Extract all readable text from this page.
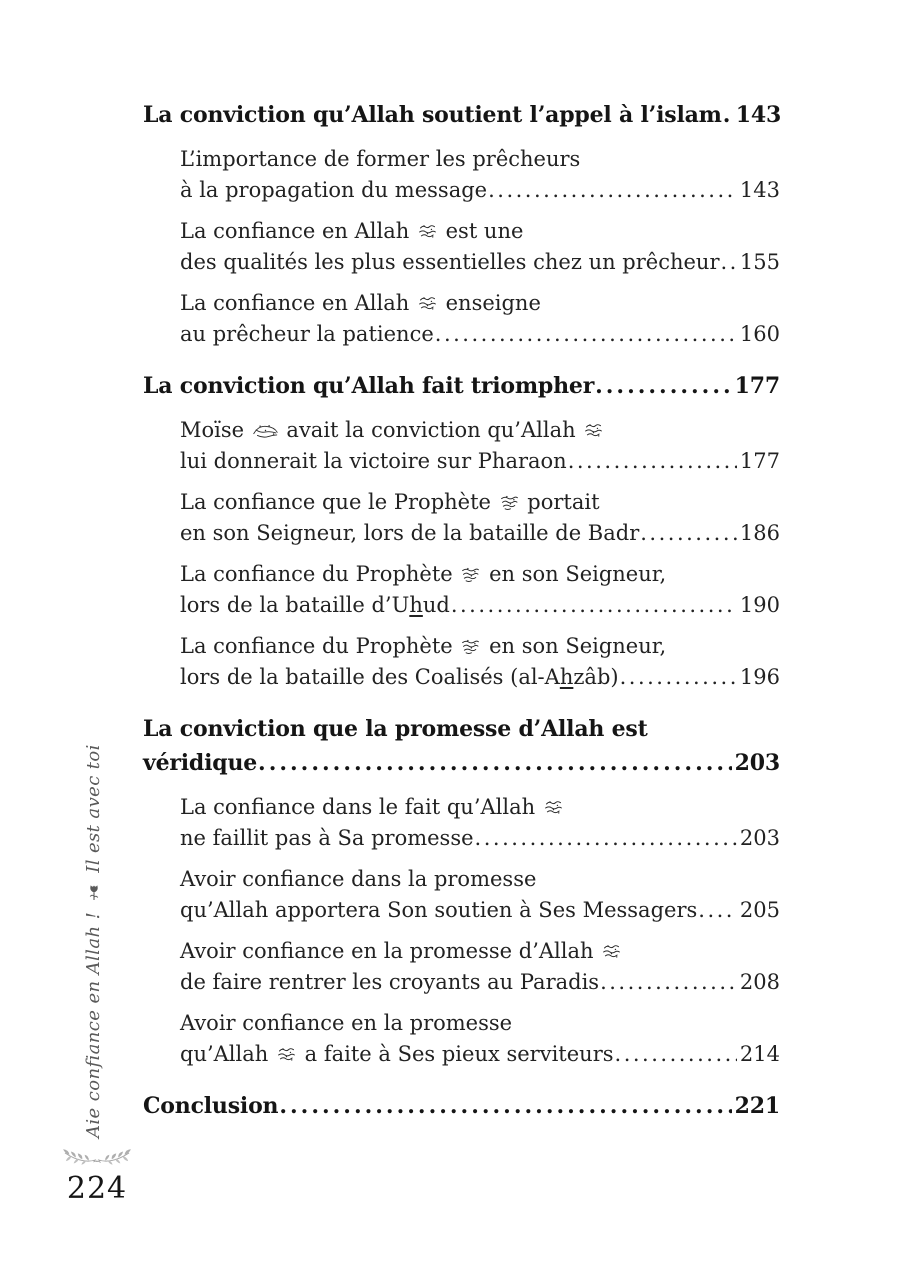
La conviction qu’Allah soutient l’appel à l’islam ..... 143
L’importance de former les prêcheurs
à la propagation du message .....	143
La confiance en Allah  est une
des qualités les plus essentielles chez un prêcheur ..... 155
La confiance en Allah  enseigne
au prêcheur la patience .....	160
La conviction qu’Allah fait triompher .....	177
Moïse  avait la conviction qu’Allah
lui donnerait la victoire sur Pharaon .....	177
La confiance que le Prophète  portait
en son Seigneur, lors de la bataille de Badr .....	186
La confiance du Prophète  en son Seigneur,
lors de la bataille d’Uhud .....	190
La confiance du Prophète  en son Seigneur,
lors de la bataille des Coalisés (al-Ahzâb) .....	196
La conviction que la promesse d’Allah est
véridique .....	203
La confiance dans le fait qu’Allah
ne faillit pas à Sa promesse .....	203
Avoir confiance dans la promesse
qu’Allah apportera Son soutien à Ses Messagers ..... 205
Avoir confiance en la promesse d’Allah
de faire rentrer les croyants au Paradis .....	208
Avoir confiance en la promesse
qu’Allah  a faite à Ses pieux serviteurs .....	214
Conclusion .....	221
Aie confiance en Allah !Il est avec toi
224
